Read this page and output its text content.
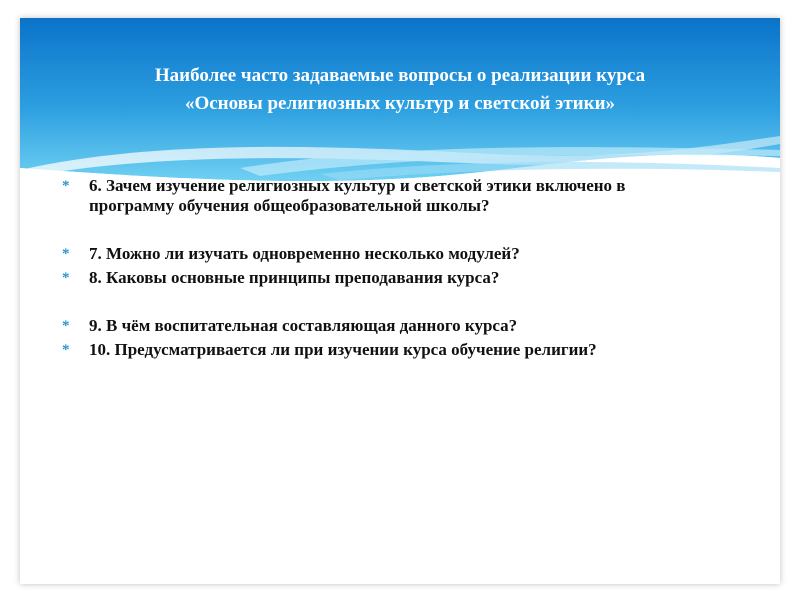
Наиболее часто задаваемые вопросы о реализации курса
«Основы религиозных культур и светской этики»
* 6. Зачем изучение религиозных культур и светской этики включено в программу обучения общеобразовательной школы?
* 7. Можно ли изучать одновременно несколько модулей?
* 8. Каковы основные принципы преподавания курса?
* 9. В чём воспитательная составляющая данного курса?
* 10. Предусматривается ли при изучении курса обучение религии?
